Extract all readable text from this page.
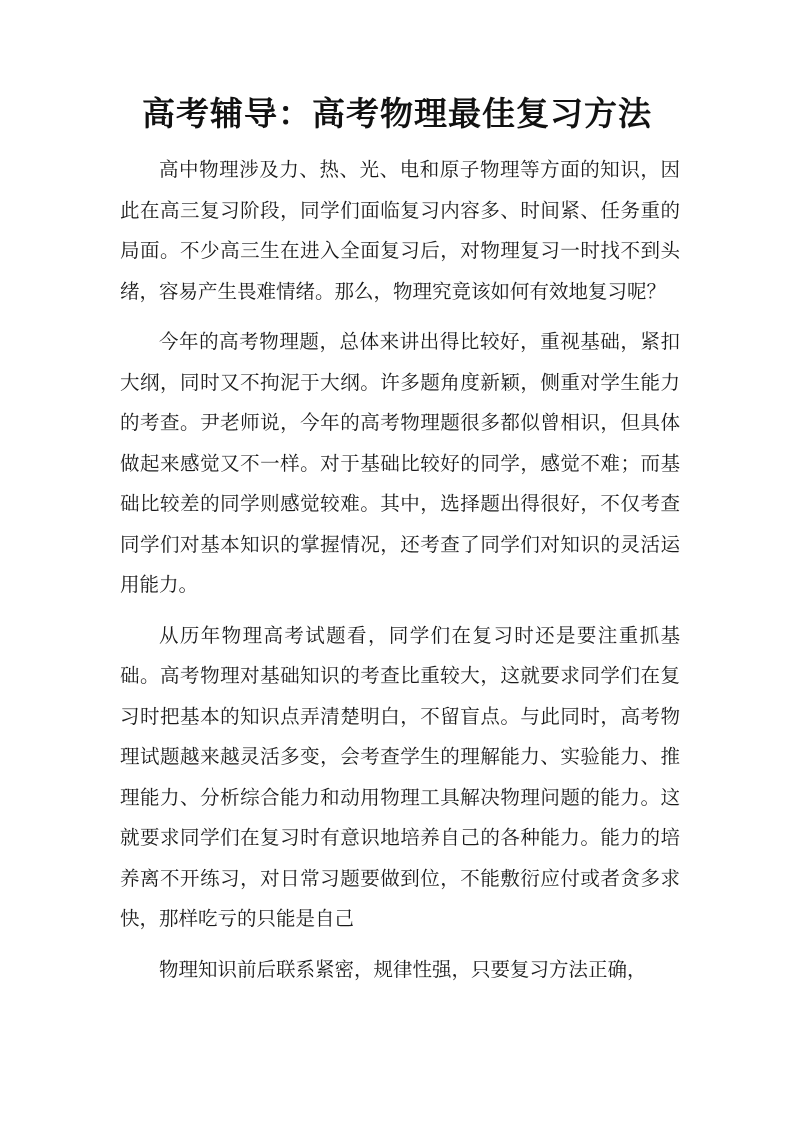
高考辅导：高考物理最佳复习方法

高中物理涉及力、热、光、电和原子物理等方面的知识，因此在高三复习阶段，同学们面临复习内容多、时间紧、任务重的局面。不少高三生在进入全面复习后，对物理复习一时找不到头绪，容易产生畏难情绪。那么，物理究竟该如何有效地复习呢？

今年的高考物理题，总体来讲出得比较好，重视基础，紧扣大纲，同时又不拘泥于大纲。许多题角度新颖，侧重对学生能力的考查。尹老师说，今年的高考物理题很多都似曾相识，但具体做起来感觉又不一样。对于基础比较好的同学，感觉不难；而基础比较差的同学则感觉较难。其中，选择题出得很好，不仅考查同学们对基本知识的掌握情况，还考查了同学们对知识的灵活运用能力。

从历年物理高考试题看，同学们在复习时还是要注重抓基础。高考物理对基础知识的考查比重较大，这就要求同学们在复习时把基本的知识点弄清楚明白，不留盲点。与此同时，高考物理试题越来越灵活多变，会考查学生的理解能力、实验能力、推理能力、分析综合能力和动用物理工具解决物理问题的能力。这就要求同学们在复习时有意识地培养自己的各种能力。能力的培养离不开练习，对日常习题要做到位，不能敷衍应付或者贪多求快，那样吃亏的只能是自己

物理知识前后联系紧密，规律性强，只要复习方法正确，
